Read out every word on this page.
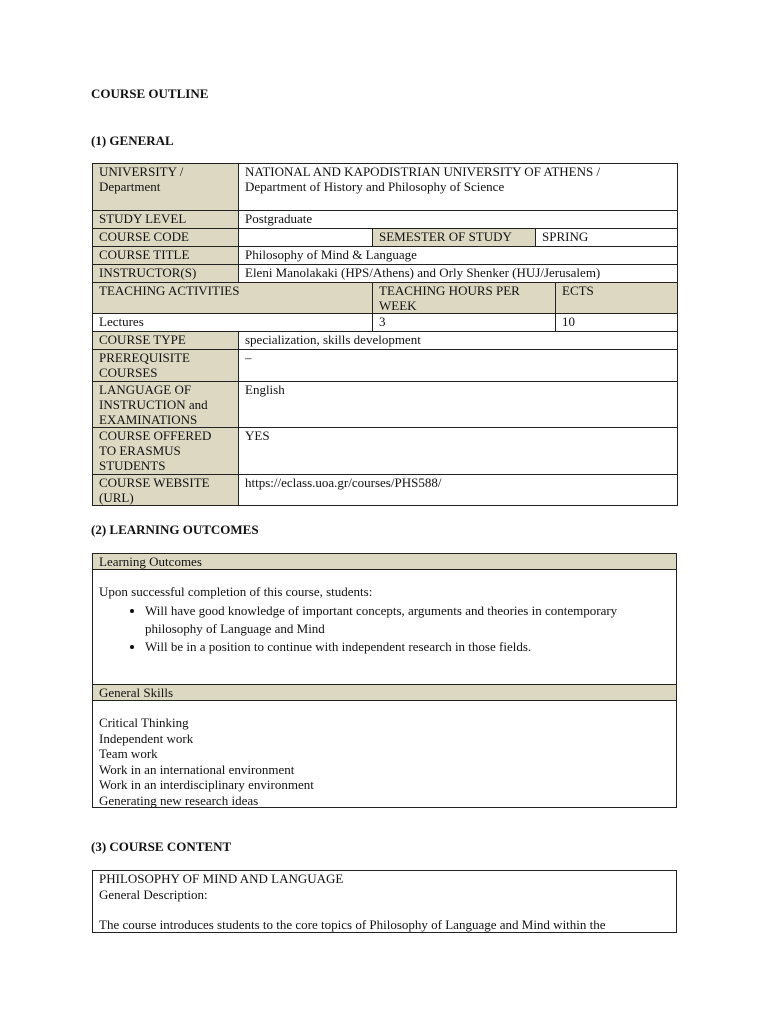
COURSE OUTLINE
(1) GENERAL
UNIVERSITY /
Department	NATIONAL AND KAPODISTRIAN UNIVERSITY OF ATHENS /
Department of History and Philosophy of Science			
STUDY LEVEL	Postgraduate			
COURSE CODE		SEMESTER OF STUDY	SPRING	
COURSE TITLE	Philosophy of Mind & Language			
INSTRUCTOR(S)	Eleni Manolakaki (HPS/Athens) and Orly Shenker (HUJ/Jerusalem)			
TEACHING ACTIVITIES		TEACHING HOURS PER WEEK		ECTS
Lectures		3		10
COURSE TYPE	specialization, skills development			
PREREQUISITE
COURSES	–			
LANGUAGE OF
INSTRUCTION and
EXAMINATIONS	English			
COURSE OFFERED
TO ERASMUS
STUDENTS	YES			
COURSE WEBSITE
(URL)	https://eclass.uoa.gr/courses/PHS588/			
(2) LEARNING OUTCOMES
Learning Outcomes
Upon successful completion of this course, students:
• Will have good knowledge of important concepts, arguments and theories in contemporary philosophy of Language and Mind
• Will be in a position to continue with independent research in those fields.
General Skills
Critical Thinking
Independent work
Team work
Work in an international environment
Work in an interdisciplinary environment
Generating new research ideas
(3) COURSE CONTENT
PHILOSOPHY OF MIND AND LANGUAGE
General Description:
The course introduces students to the core topics of Philosophy of Language and Mind within the
